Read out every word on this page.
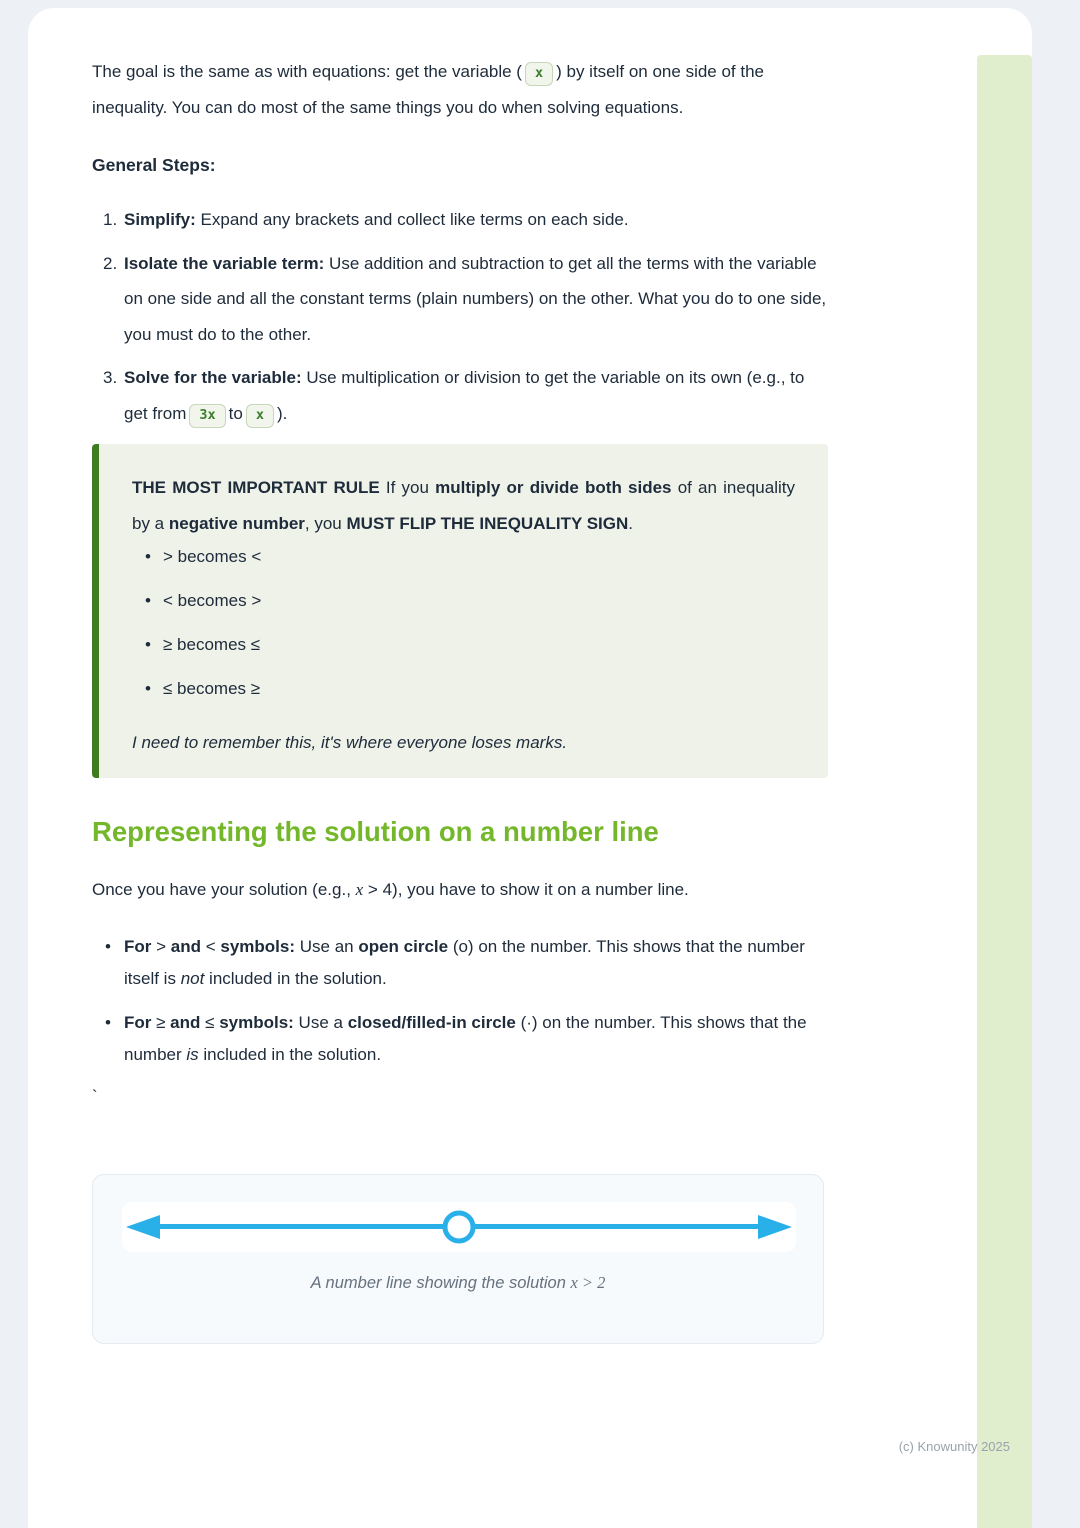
The goal is the same as with equations: get the variable ( x ) by itself on one side of the inequality. You can do most of the same things you do when solving equations.

General Steps:
1. Simplify: Expand any brackets and collect like terms on each side.
2. Isolate the variable term: Use addition and subtraction to get all the terms with the variable on one side and all the constant terms (plain numbers) on the other. What you do to one side, you must do to the other.
3. Solve for the variable: Use multiplication or division to get the variable on its own (e.g., to get from 3x to x ).

THE MOST IMPORTANT RULE If you multiply or divide both sides of an inequality by a negative number, you MUST FLIP THE INEQUALITY SIGN.

• > becomes <
• < becomes >
• ≥ becomes ≤
• ≤ becomes ≥

I need to remember this, it's where everyone loses marks.

Representing the solution on a number line

Once you have your solution (e.g., x > 4), you have to show it on a number line.

• For > and < symbols: Use an open circle (o) on the number. This shows that the number itself is not included in the solution.
• For ≥ and ≤ symbols: Use a closed/filled-in circle (·) on the number. This shows that the number is included in the solution.

`

A number line showing the solution x > 2
(c) Knowunity 2025
